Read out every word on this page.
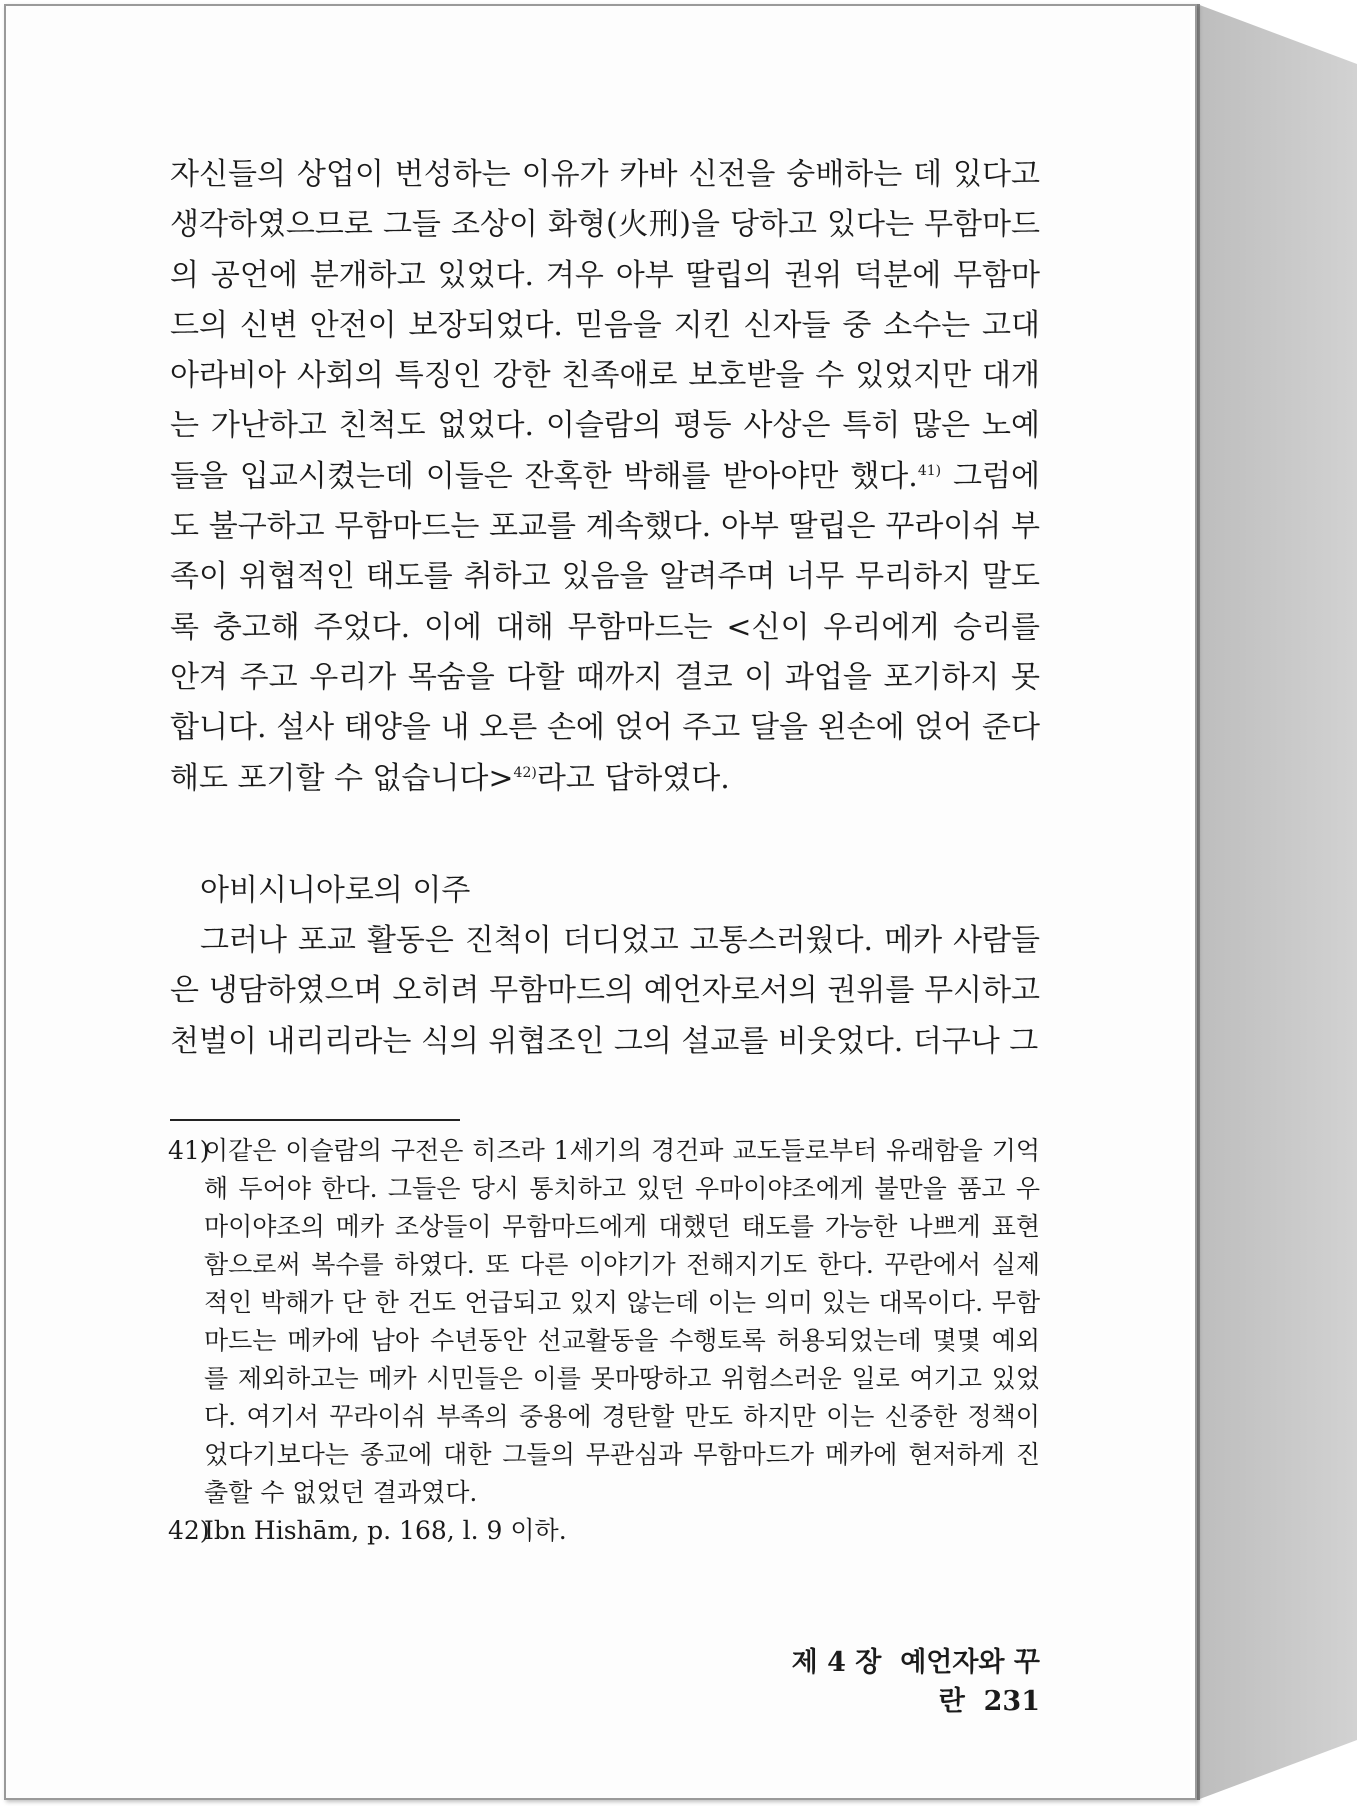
자신들의 상업이 번성하는 이유가 카바 신전을 숭배하는 데 있다고 생각하였으므로 그들 조상이 화형(火刑)을 당하고 있다는 무함마드의 공언에 분개하고 있었다. 겨우 아부 딸립의 권위 덕분에 무함마드의 신변 안전이 보장되었다. 믿음을 지킨 신자들 중 소수는 고대 아라비아 사회의 특징인 강한 친족애로 보호받을 수 있었지만 대개는 가난하고 친척도 없었다. 이슬람의 평등 사상은 특히 많은 노예들을 입교시켰는데 이들은 잔혹한 박해를 받아야만 했다.$^{41)}$ 그럼에도 불구하고 무함마드는 포교를 계속했다. 아부 딸립은 꾸라이쉬 부족이 위협적인 태도를 취하고 있음을 알려주며 너무 무리하지 말도록 충고해 주었다. 이에 대해 무함마드는 <신이 우리에게 승리를 안겨 주고 우리가 목숨을 다할 때까지 결코 이 과업을 포기하지 못합니다. 설사 태양을 내 오른 손에 얹어 주고 달을 왼손에 얹어 준다 해도 포기할 수 없습니다>$^{42)}$라고 답하였다.

아비시니아로의 이주
그러나 포교 활동은 진척이 더디었고 고통스러웠다. 메카 사람들은 냉담하였으며 오히려 무함마드의 예언자로서의 권위를 무시하고 천벌이 내리리라는 식의 위협조인 그의 설교를 비웃었다. 더구나 그
41)
이같은 이슬람의 구전은 히즈라 1세기의 경건파 교도들로부터 유래함을 기억해 두어야 한다. 그들은 당시 통치하고 있던 우마이야조에게 불만을 품고 우마이야조의 메카 조상들이 무함마드에게 대했던 태도를 가능한 나쁘게 표현함으로써 복수를 하였다. 또 다른 이야기가 전해지기도 한다. 꾸란에서 실제적인 박해가 단 한 건도 언급되고 있지 않는데 이는 의미 있는 대목이다. 무함마드는 메카에 남아 수년동안 선교활동을 수행토록 허용되었는데 몇몇 예외를 제외하고는 메카 시민들은 이를 못마땅하고 위험스러운 일로 여기고 있었다. 여기서 꾸라이쉬 부족의 중용에 경탄할 만도 하지만 이는 신중한 정책이었다기보다는 종교에 대한 그들의 무관심과 무함마드가 메카에 현저하게 진출할 수 없었던 결과였다.
42)
Ibn Hishām, p. 168, l. 9 이하.
제 4 장 예언자와 꾸란 231
